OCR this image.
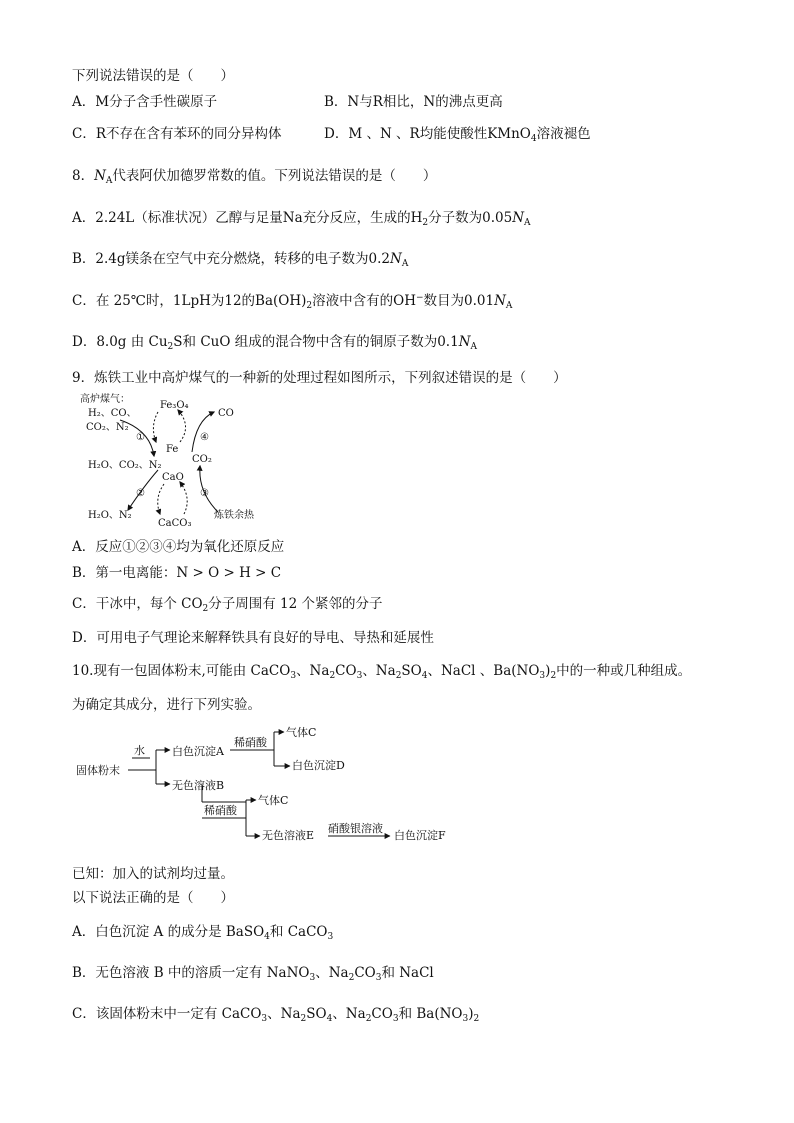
下列说法错误的是（　　）
A．M分子含手性碳原子	B．N与R相比，N的沸点更高
C．R不存在含有苯环的同分异构体	D．M 、N 、R均能使酸性KMnO$_4$溶液褪色
8．$N_A$代表阿伏加德罗常数的值。下列说法错误的是（　　）
A．2.24L（标准状况）乙醇与足量Na充分反应，生成的$H_2$分子数为$0.05N_A$
B．2.4g镁条在空气中充分燃烧，转移的电子数为$0.2N_A$
C．在 25℃时，1LpH为12的$Ba(OH)_2$溶液中含有的OH−数目为$0.01N_A$
D．8.0g 由 $Cu_2S$和 CuO 组成的混合物中含有的铜原子数为$0.1N_A$
9．炼铁工业中高炉煤气的一种新的处理过程如图所示，下列叙述错误的是（　　）
高炉煤气：
H₂、CO、
CO₂、N₂
Fe₃O₄
Fe
CO
CO₂
H₂O、CO₂、N₂
CaO
CaCO₃
H₂O、N₂	炼铁余热
①	④
②	③
A．反应①②③④均为氧化还原反应
B．第一电离能：N > O > H > C
C．干冰中，每个 $CO_2$分子周围有 12 个紧邻的分子
D．可用电子气理论来解释铁具有良好的导电、导热和延展性
10.现有一包固体粉末,可能由 CaCO$_3$、$Na_2CO_3$、$Na_2SO_4$、NaCl 、$Ba(NO_3)_2$中的一种或几种组成。
为确定其成分，进行下列实验。
固体粉末
水 白色沉淀A
稀硝酸
气体C
白色沉淀D
无色溶液B
稀硝酸
气体C
无色溶液E
硝酸银溶液
白色沉淀F
已知：加入的试剂均过量。
以下说法正确的是（　　）
A．白色沉淀 A 的成分是 BaSO$_4$和 CaCO$_3$
B．无色溶液 B 中的溶质一定有 NaNO$_3$、$Na_2CO_3$和 NaCl
C．该固体粉末中一定有 CaCO$_3$、$Na_2SO_4$、$Na_2CO_3$和 $Ba(NO_3)_2$
